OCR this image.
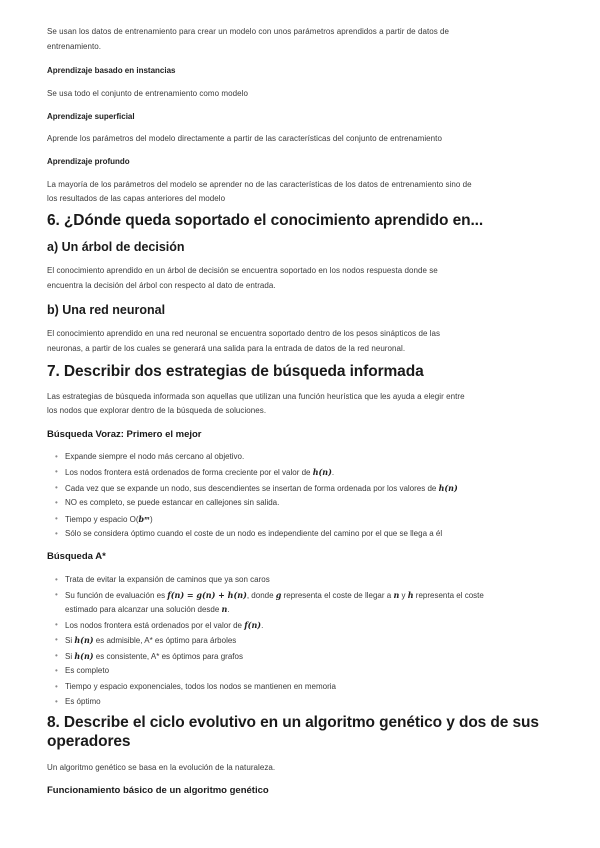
Se usan los datos de entrenamiento para crear un modelo con unos parámetros aprendidos a partir de datos de

entrenamiento.

Aprendizaje basado en instancias

Se usa todo el conjunto de entrenamiento como modelo

Aprendizaje superficial

Aprende los parámetros del modelo directamente a partir de las características del conjunto de entrenamiento

Aprendizaje profundo

La mayoría de los parámetros del modelo se aprender no de las características de los datos de entrenamiento sino de

los resultados de las capas anteriores del modelo

6. ¿Dónde queda soportado el conocimiento aprendido en...
a) Un árbol de decisión

El conocimiento aprendido en un árbol de decisión se encuentra soportado en los nodos respuesta donde se

encuentra la decisión del árbol con respecto al dato de entrada.

b) Una red neuronal

El conocimiento aprendido en una red neuronal se encuentra soportado dentro de los pesos sinápticos de las

neuronas, a partir de los cuales se generará una salida para la entrada de datos de la red neuronal.

7. Describir dos estrategias de búsqueda informada

Las estrategias de búsqueda informada son aquellas que utilizan una función heurística que les ayuda a elegir entre

los nodos que explorar dentro de la búsqueda de soluciones.

Búsqueda Voraz: Primero el mejor

• Expande siempre el nodo más cercano al objetivo.
• Los nodos frontera está ordenados de forma creciente por el valor de h(n).
• Cada vez que se expande un nodo, sus descendientes se insertan de forma ordenada por los valores de h(n)
• NO es completo, se puede estancar en callejones sin salida.
• Tiempo y espacio O(bᵐ)
• Sólo se considera óptimo cuando el coste de un nodo es independiente del camino por el que se llega a él

Búsqueda A*

• Trata de evitar la expansión de caminos que ya son caros
• Su función de evaluación es f(n) = g(n) + h(n), donde g representa el coste de llegar a n y h representa el coste
estimado para alcanzar una solución desde n.
• Los nodos frontera está ordenados por el valor de f(n).
• Si h(n) es admisible, A* es óptimo para árboles
• Si h(n) es consistente, A* es óptimos para grafos
• Es completo
• Tiempo y espacio exponenciales, todos los nodos se mantienen en memoria
• Es óptimo
8. Describe el ciclo evolutivo en un algoritmo genético y dos de sus
operadores

Un algoritmo genético se basa en la evolución de la naturaleza.

Funcionamiento básico de un algoritmo genético
